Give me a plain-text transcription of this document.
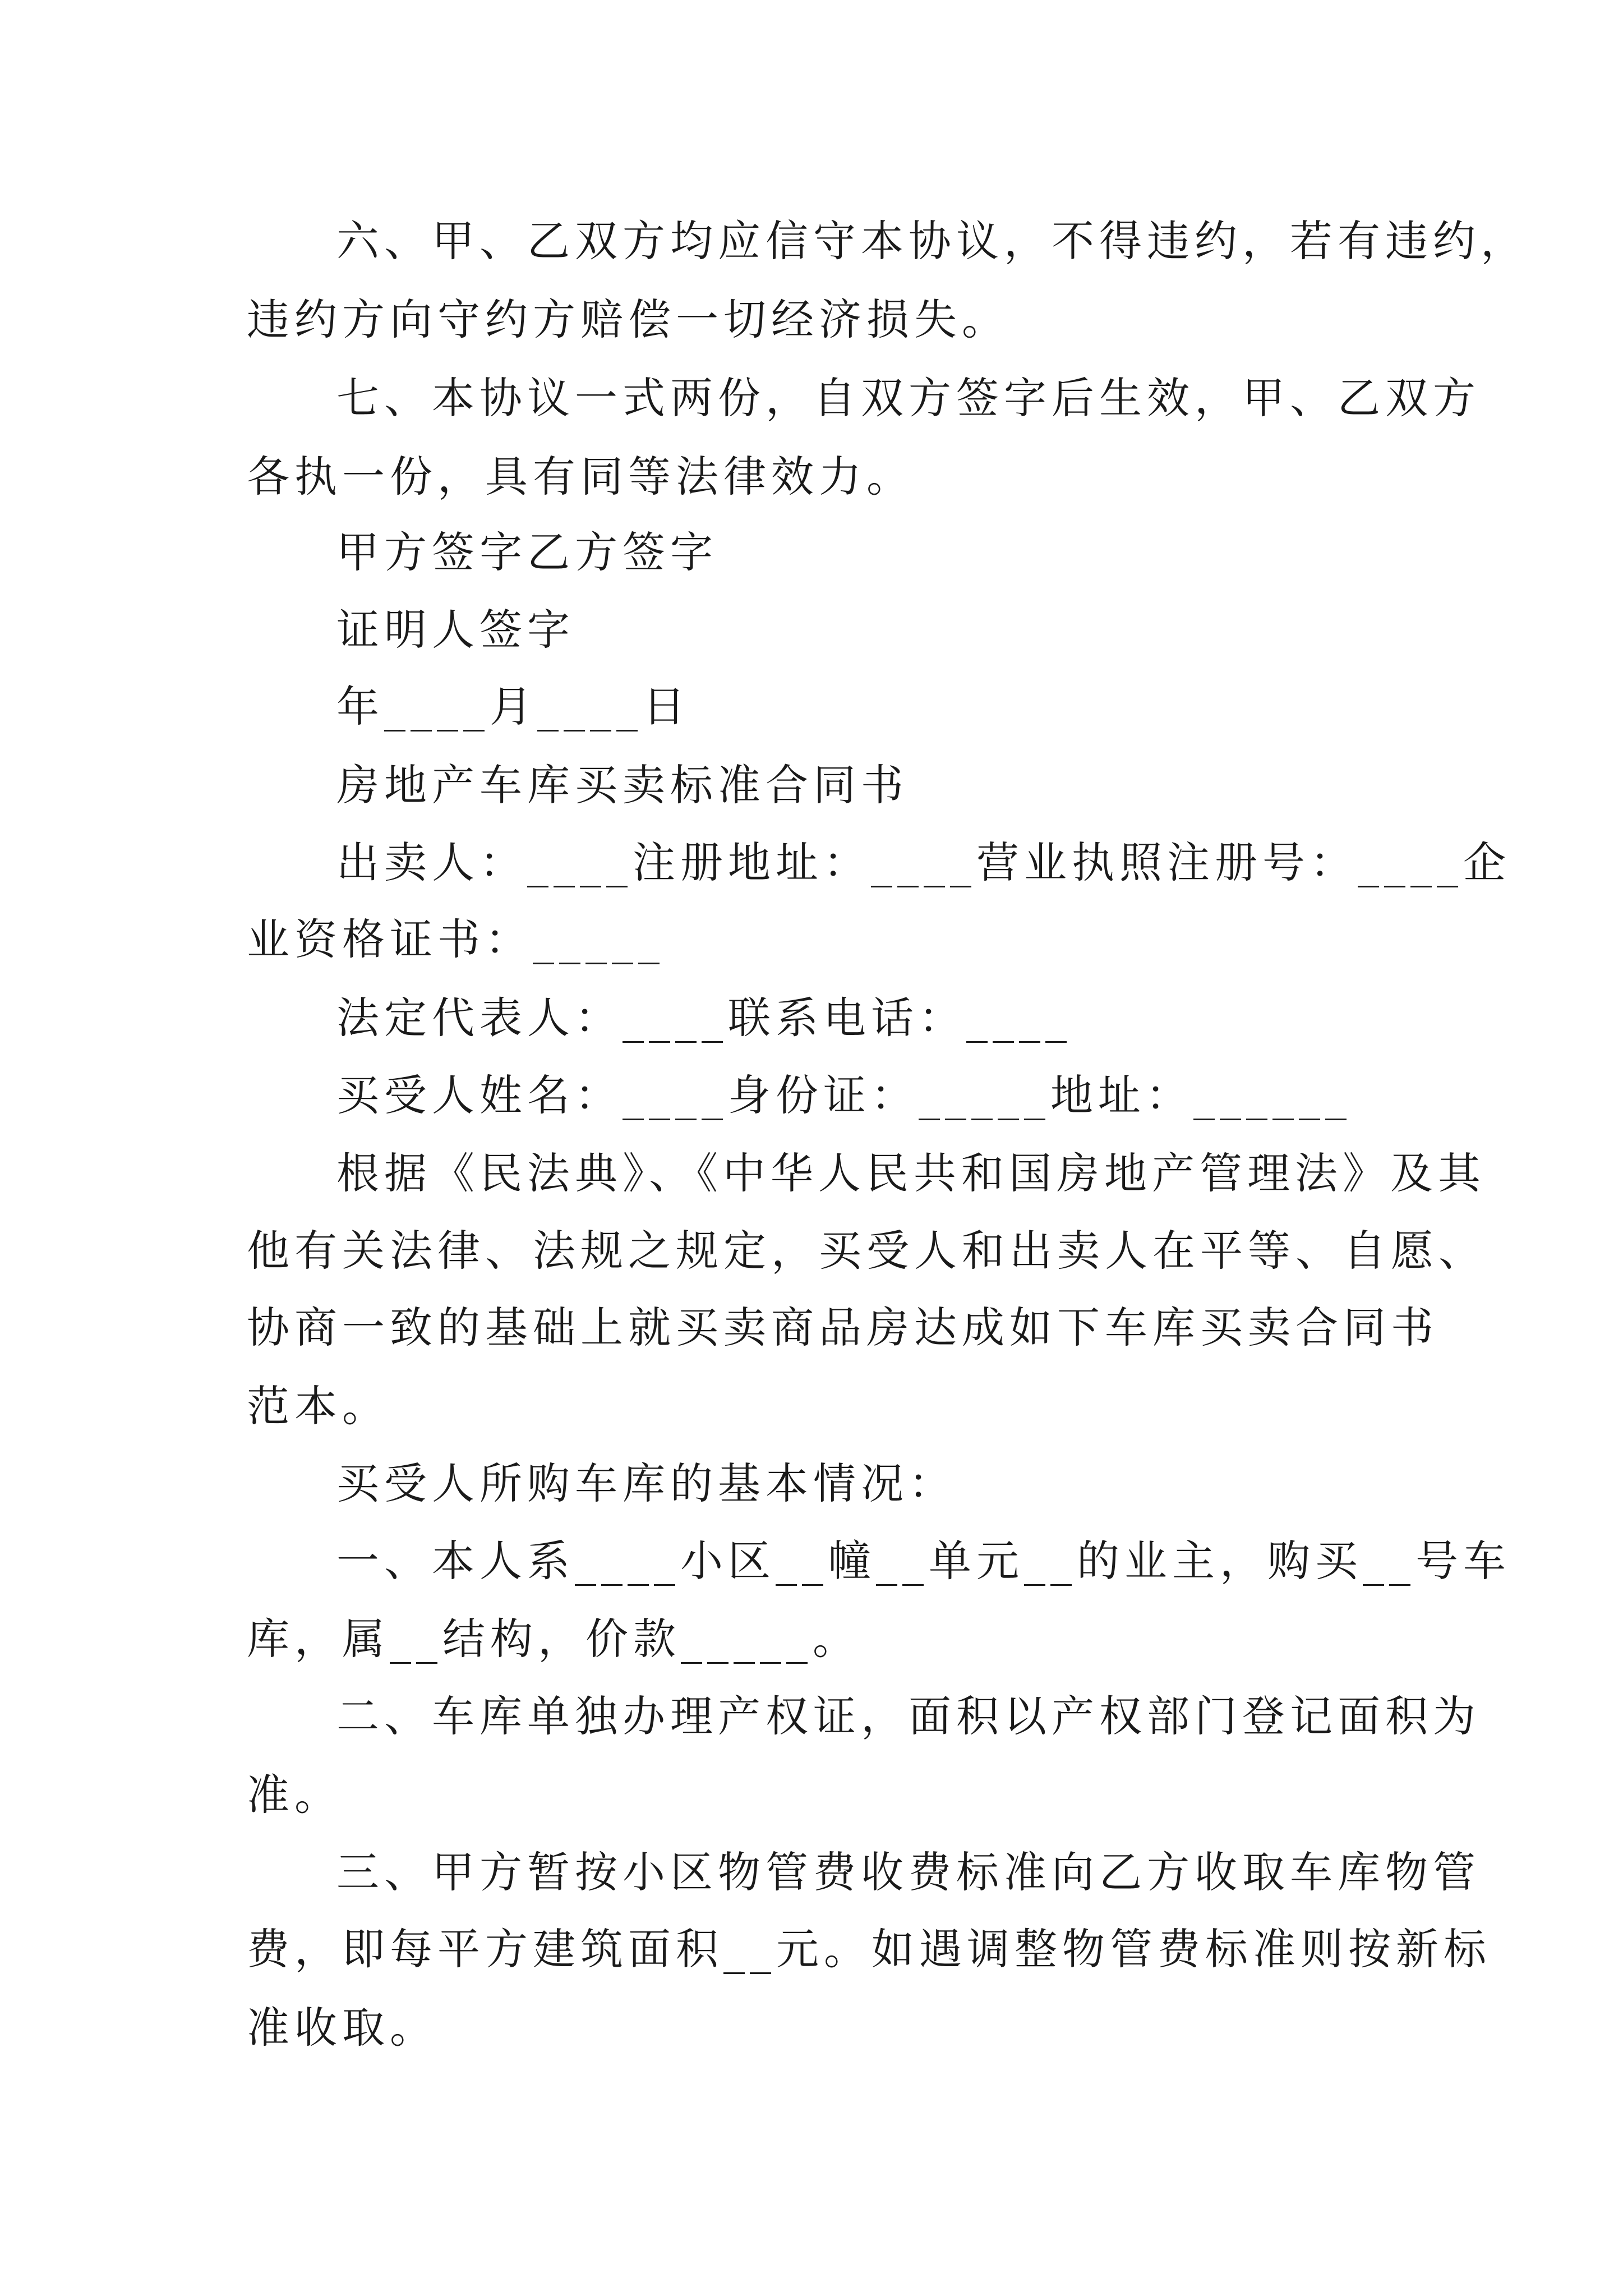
六、甲、乙双方均应信守本协议，不得违约，若有违约，
违约方向守约方赔偿一切经济损失。
七、本协议一式两份，自双方签字后生效，甲、乙双方
各执一份，具有同等法律效力。
甲方签字乙方签字
证明人签字
年____月____日
房地产车库买卖标准合同书
出卖人：____注册地址：____营业执照注册号：____企
业资格证书：_____
法定代表人：____联系电话：____
买受人姓名：____身份证：_____地址：______
根据《民法典》、《中华人民共和国房地产管理法》及其
他有关法律、法规之规定，买受人和出卖人在平等、自愿、
协商一致的基础上就买卖商品房达成如下车库买卖合同书
范本。
买受人所购车库的基本情况：
一、本人系____小区__幢__单元__的业主，购买__号车
库，属__结构，价款_____。
二、车库单独办理产权证，面积以产权部门登记面积为
准。
三、甲方暂按小区物管费收费标准向乙方收取车库物管
费，即每平方建筑面积__元。如遇调整物管费标准则按新标
准收取。
